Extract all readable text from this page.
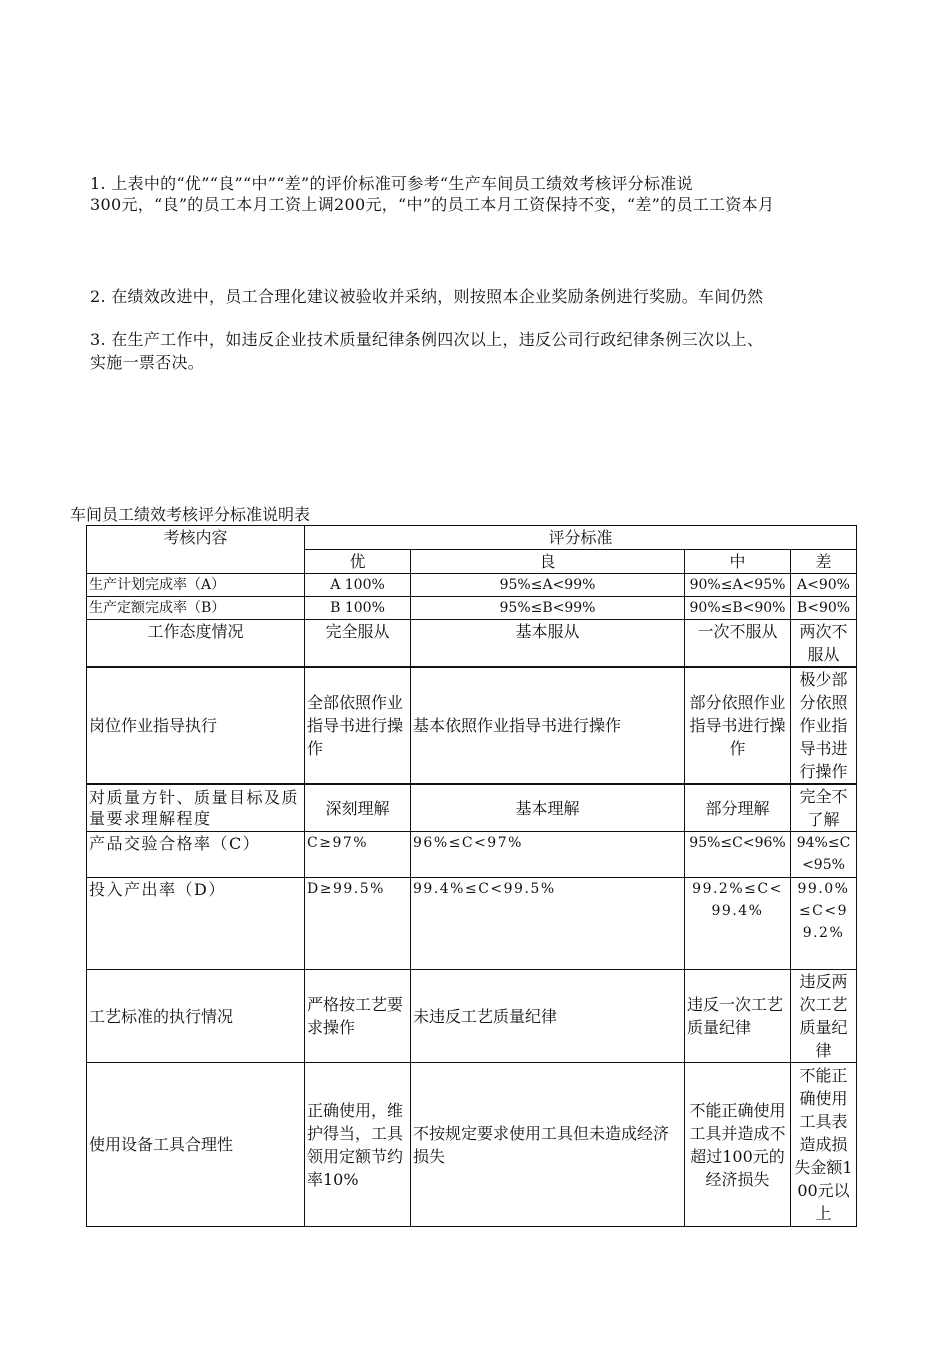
1. 上表中的“优”“良”“中”“差”的评价标准可参考“生产车间员工绩效考核评分标准说
300元，“良”的员工本月工资上调200元，“中”的员工本月工资保持不变，“差”的员工工资本月
2. 在绩效改进中，员工合理化建议被验收并采纳，则按照本企业奖励条例进行奖励。车间仍然
3. 在生产工作中，如违反企业技术质量纪律条例四次以上，违反公司行政纪律条例三次以上、
实施一票否决。
车间员工绩效考核评分标准说明表
考核内容	评分标准			
	优	良	中	差
生产计划完成率（A）	A 100%	95%≤A<99%	90%≤A<95%	A<90%
生产定额完成率（B）	B 100%	95%≤B<99%	90%≤B<90%	B<90%
工作态度情况	完全服从	基本服从	一次不服从	两次不服从
岗位作业指导执行	全部依照作业指导书进行操作	基本依照作业指导书进行操作	部分依照作业指导书进行操作	极少部分依照作业指导书进行操作
对质量方针、质量目标及质量要求理解程度	深刻理解	基本理解	部分理解	完全不了解
产品交验合格率（C）	C≥97%	96%≤C<97%	95%≤C<96%	94%≤C<95%
投入产出率（D）	D≥99.5%	99.4%≤C<99.5%	99.2%≤C<99.4%	99.0%≤C<99.2%
工艺标准的执行情况	严格按工艺要求操作	未违反工艺质量纪律	违反一次工艺质量纪律	违反两次工艺质量纪律
使用设备工具合理性	正确使用，维护得当，工具领用定额节约率10%	不按规定要求使用工具但未造成经济损失	不能正确使用工具并造成不超过100元的经济损失	不能正确使用工具表造成损失金额100元以上
